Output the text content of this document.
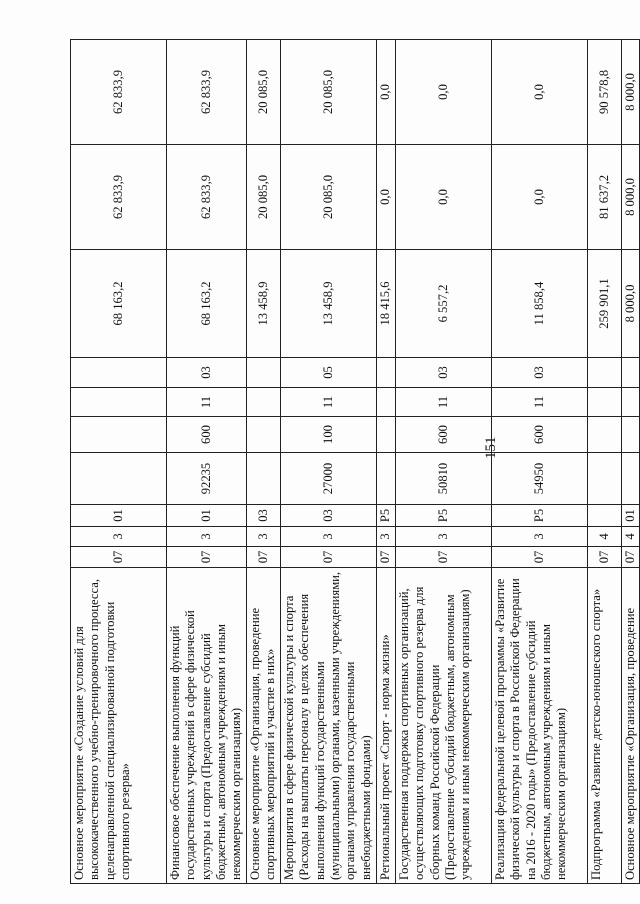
151
Основное мероприятие «Создание условий для высококачественного учебно-тренировочного процесса, целенаправленной специализированной подготовки спортивного резерва»	07	3	01					68 163,2	62 833,9	62 833,9
Финансовое обеспечение выполнения функций государственных учреждений в сфере физической культуры и спорта (Предоставление субсидий бюджетным, автономным учреждениям и иным некоммерческим организациям)	07	3	01	92235	600	11	03	68 163,2	62 833,9	62 833,9
Основное мероприятие «Организация, проведение спортивных мероприятий и участие в них»	07	3	03					13 458,9	20 085,0	20 085,0
Мероприятия в сфере физической культуры и спорта (Расходы на выплаты персоналу в целях обеспечения выполнения функций государственными (муниципальными) органами, казенными учреждениями, органами управления государственными внебюджетными фондами)	07	3	03	27000	100	11	05	13 458,9	20 085,0	20 085,0
Региональный проект «Спорт - норма жизни»	07	3	P5					18 415,6	0,0	0,0
Государственная поддержка спортивных организаций, осуществляющих подготовку спортивного резерва для сборных команд Российской Федерации (Предоставление субсидий бюджетным, автономным учреждениям и иным некоммерческим организациям)	07	3	P5	50810	600	11	03	6 557,2	0,0	0,0
Реализация федеральной целевой программы «Развитие физической культуры и спорта в Российской Федерации на 2016 - 2020 годы» (Предоставление субсидий бюджетным, автономным учреждениям и иным некоммерческим организациям)	07	3	P5	54950	600	11	03	11 858,4	0,0	0,0
Подпрограмма «Развитие детско-юношеского спорта»	07	4						259 901,1	81 637,2	90 578,8
Основное мероприятие «Организация, проведение	07	4	01					8 000,0	8 000,0	8 000,0
